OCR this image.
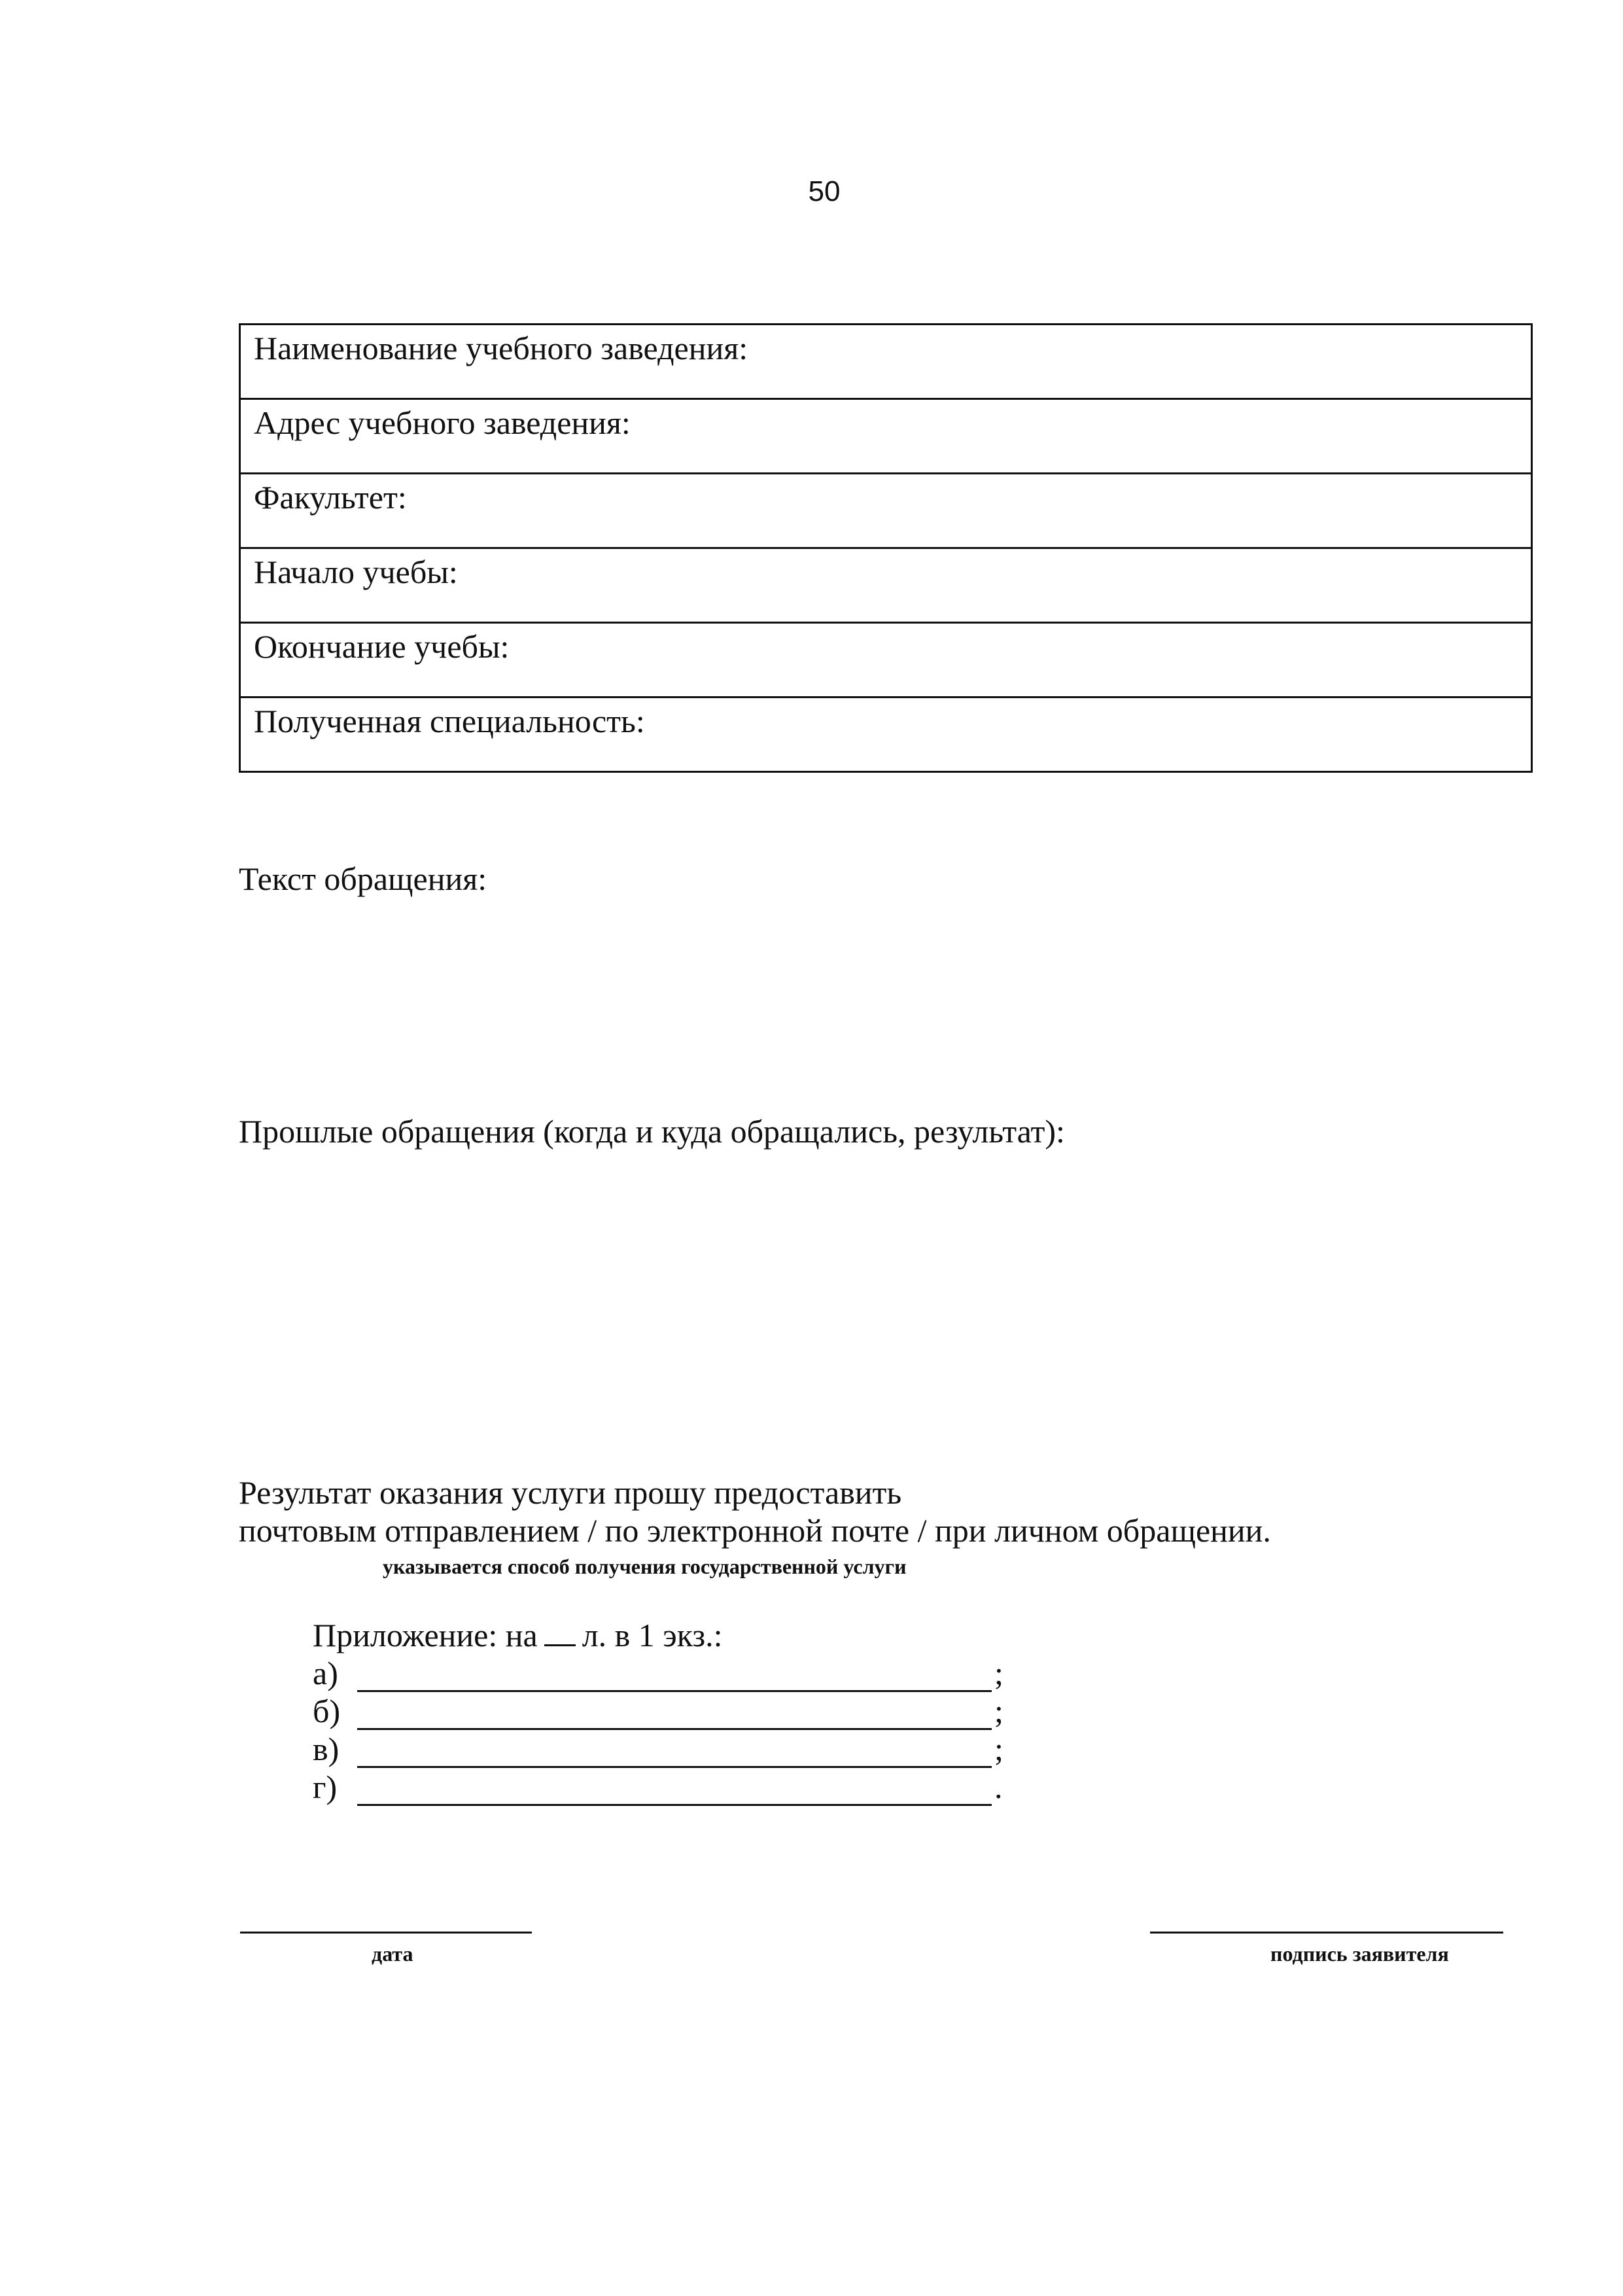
50
Наименование учебного заведения:

Адрес учебного заведения:

Факультет:

Начало учебы:

Окончание учебы:

Полученная специальность:
Текст обращения:
Прошлые обращения (когда и куда обращались, результат):
Результат оказания услуги прошу предоставить
почтовым отправлением / по электронной почте / при личном обращении.
указывается способ получения государственной услуги
Приложение: на л. в 1 экз.:
а)	;
б)	;
в)	;
г)	.
дата	подпись заявителя
